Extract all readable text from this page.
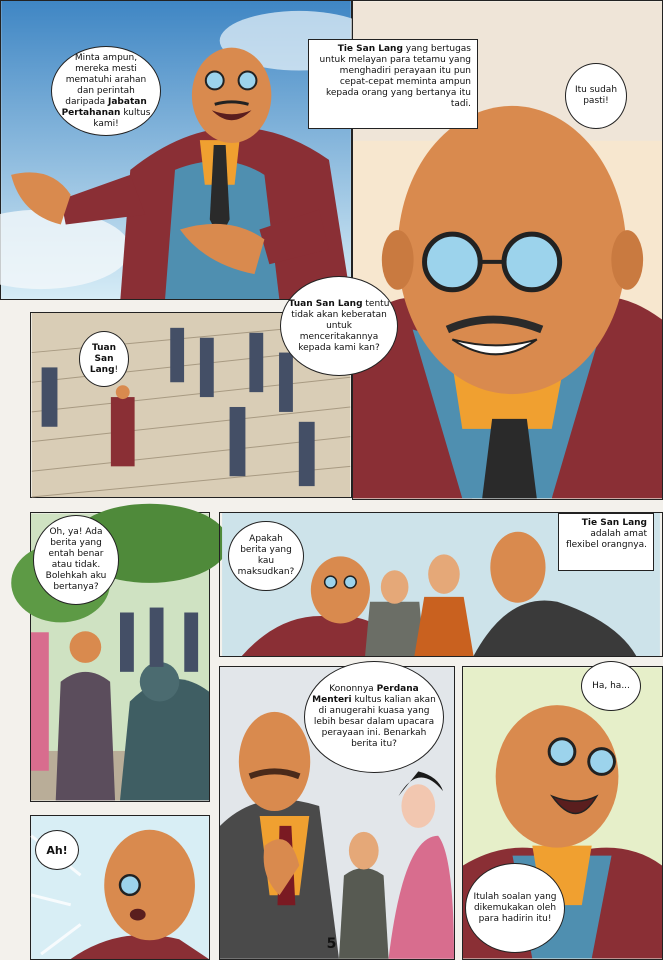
Minta ampun, mereka mesti mematuhi arahan dan perintah daripada Jabatan Pertahanan kultus kami!
Tie San Lang yang bertugas untuk melayan para tetamu yang menghadiri perayaan itu pun cepat-cepat meminta ampun kepada orang yang bertanya itu tadi.
Itu sudah pasti!
Tuan San Lang!
Tuan San Lang tentu tidak akan keberatan untuk menceritakannya kepada kami kan?
Oh, ya! Ada berita yang entah benar atau tidak. Bolehkah aku bertanya?
Apakah berita yang kau maksudkan?
Tie San Lang adalah amat flexibel orangnya.
Kononnya Perdana Menteri kultus kalian akan di anugerahi kuasa yang lebih besar dalam upacara perayaan ini. Benarkah berita itu?
Ha, ha...
Itulah soalan yang dikemukakan oleh para hadirin itu!
Ah!
5
